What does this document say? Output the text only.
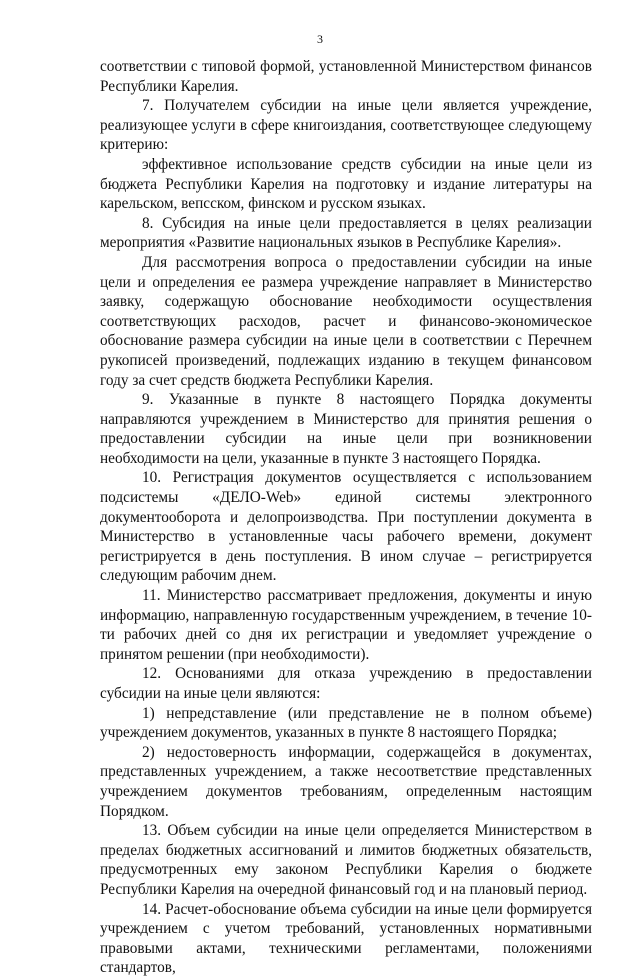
3

соответствии с типовой формой, установленной Министерством финансов Республики Карелия.

7. Получателем субсидии на иные цели является учреждение, реализующее услуги в сфере книгоиздания, соответствующее следующему критерию:

эффективное использование средств субсидии на иные цели из бюджета Республики Карелия на подготовку и издание литературы на карельском, вепсском, финском и русском языках.

8. Субсидия на иные цели предоставляется в целях реализации мероприятия «Развитие национальных языков в Республике Карелия».

Для рассмотрения вопроса о предоставлении субсидии на иные цели и определения ее размера учреждение направляет в Министерство заявку, содержащую обоснование необходимости осуществления соответствующих расходов, расчет и финансово-экономическое обоснование размера субсидии на иные цели в соответствии с Перечнем рукописей произведений, подлежащих изданию в текущем финансовом году за счет средств бюджета Республики Карелия.

9. Указанные в пункте 8 настоящего Порядка документы направляются учреждением в Министерство для принятия решения о предоставлении субсидии на иные цели при возникновении необходимости на цели, указанные в пункте 3 настоящего Порядка.

10. Регистрация документов осуществляется с использованием подсистемы «ДЕЛО-Web» единой системы электронного документооборота и делопроизводства. При поступлении документа в Министерство в установленные часы рабочего времени, документ регистрируется в день поступления. В ином случае – регистрируется следующим рабочим днем.

11. Министерство рассматривает предложения, документы и иную информацию, направленную государственным учреждением, в течение 10-ти рабочих дней со дня их регистрации и уведомляет учреждение о принятом решении (при необходимости).

12. Основаниями для отказа учреждению в предоставлении субсидии на иные цели являются:

1) непредставление (или представление не в полном объеме) учреждением документов, указанных в пункте 8 настоящего Порядка;

2) недостоверность информации, содержащейся в документах, представленных учреждением, а также несоответствие представленных учреждением документов требованиям, определенным настоящим Порядком.

13. Объем субсидии на иные цели определяется Министерством в пределах бюджетных ассигнований и лимитов бюджетных обязательств, предусмотренных ему законом Республики Карелия о бюджете Республики Карелия на очередной финансовый год и на плановый период.

14. Расчет-обоснование объема субсидии на иные цели формируется учреждением с учетом требований, установленных нормативными правовыми актами, техническими регламентами, положениями стандартов,
